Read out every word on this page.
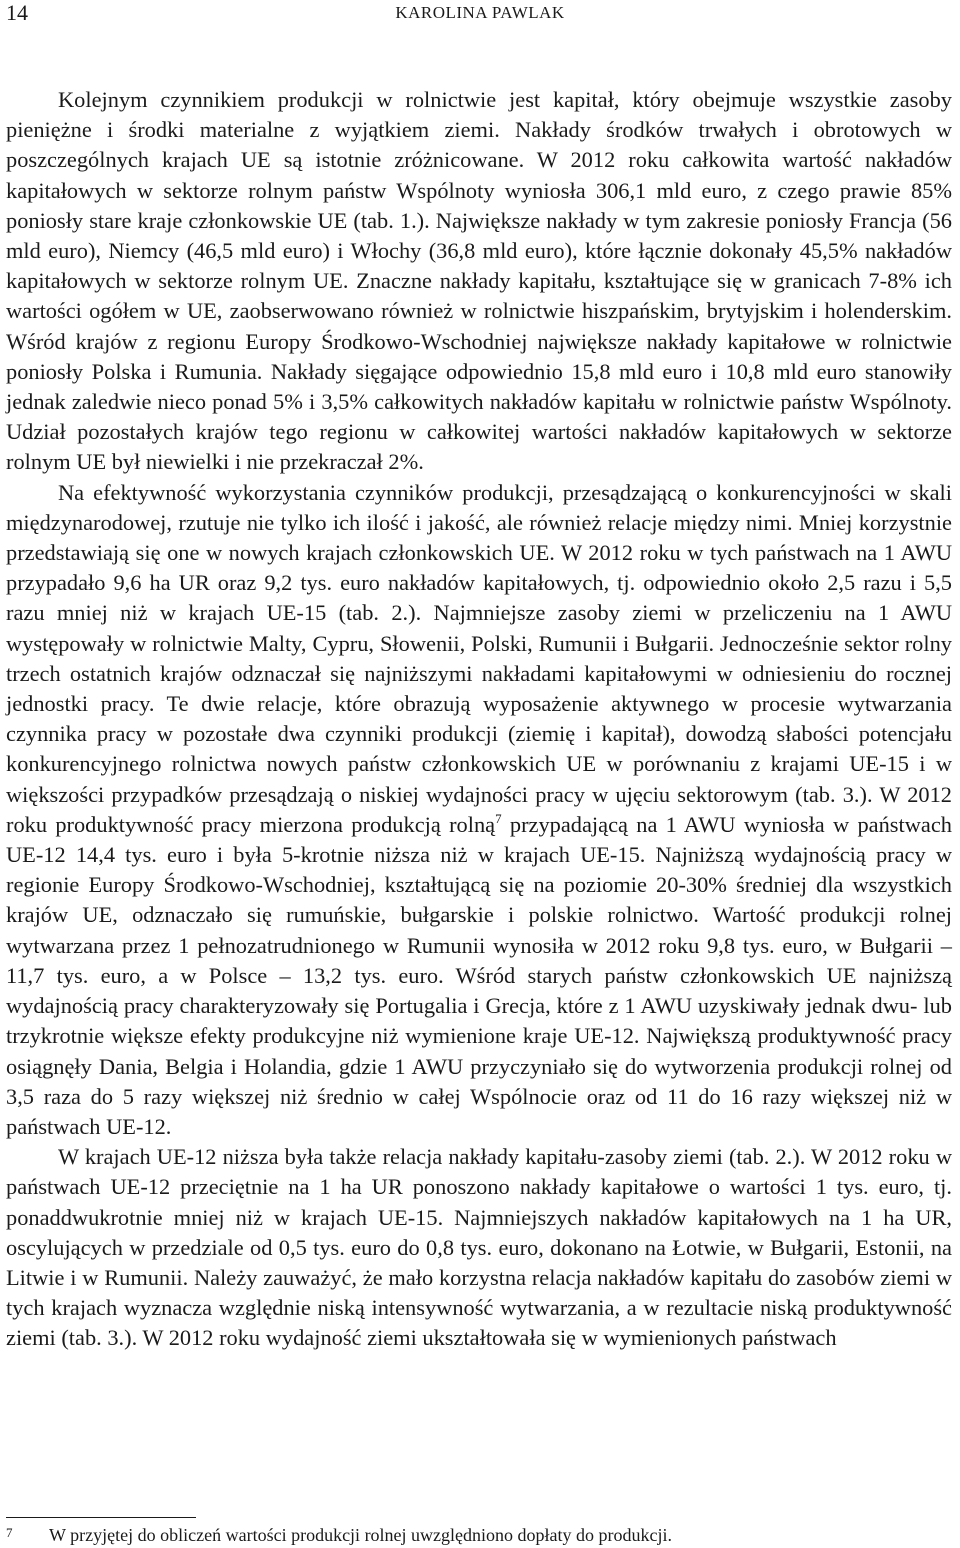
14	KAROLINA PAWLAK

Kolejnym czynnikiem produkcji w rolnictwie jest kapitał, który obejmuje wszystkie zasoby pieniężne i środki materialne z wyjątkiem ziemi. Nakłady środków trwałych i obrotowych w poszczególnych krajach UE są istotnie zróżnicowane. W 2012 roku całkowita wartość nakładów kapitałowych w sektorze rolnym państw Wspólnoty wyniosła 306,1 mld euro, z czego prawie 85% poniosły stare kraje członkowskie UE (tab. 1.). Największe nakłady w tym zakresie poniosły Francja (56 mld euro), Niemcy (46,5 mld euro) i Włochy (36,8 mld euro), które łącznie dokonały 45,5% nakładów kapitałowych w sektorze rolnym UE. Znaczne nakłady kapitału, kształtujące się w granicach 7-8% ich wartości ogółem w UE, zaobserwowano również w rolnictwie hiszpańskim, brytyjskim i holenderskim. Wśród krajów z regionu Europy Środkowo-Wschodniej największe nakłady kapitałowe w rolnictwie poniosły Polska i Rumunia. Nakłady sięgające odpowiednio 15,8 mld euro i 10,8 mld euro stanowiły jednak zaledwie nieco ponad 5% i 3,5% całkowitych nakładów kapitału w rolnictwie państw Wspólnoty. Udział pozostałych krajów tego regionu w całkowitej wartości nakładów kapitałowych w sektorze rolnym UE był niewielki i nie przekraczał 2%.

Na efektywność wykorzystania czynników produkcji, przesądzającą o konkurencyjności w skali międzynarodowej, rzutuje nie tylko ich ilość i jakość, ale również relacje między nimi. Mniej korzystnie przedstawiają się one w nowych krajach członkowskich UE. W 2012 roku w tych państwach na 1 AWU przypadało 9,6 ha UR oraz 9,2 tys. euro nakładów kapitałowych, tj. odpowiednio około 2,5 razu i 5,5 razu mniej niż w krajach UE-15 (tab. 2.). Najmniejsze zasoby ziemi w przeliczeniu na 1 AWU występowały w rolnictwie Malty, Cypru, Słowenii, Polski, Rumunii i Bułgarii. Jednocześnie sektor rolny trzech ostatnich krajów odznaczał się najniższymi nakładami kapitałowymi w odniesieniu do rocznej jednostki pracy. Te dwie relacje, które obrazują wyposażenie aktywnego w procesie wytwarzania czynnika pracy w pozostałe dwa czynniki produkcji (ziemię i kapitał), dowodzą słabości potencjału konkurencyjnego rolnictwa nowych państw członkowskich UE w porównaniu z krajami UE-15 i w większości przypadków przesądzają o niskiej wydajności pracy w ujęciu sektorowym (tab. 3.). W 2012 roku produktywność pracy mierzona produkcją rolną$^7$ przypadającą na 1 AWU wyniosła w państwach UE-12 14,4 tys. euro i była 5-krotnie niższa niż w krajach UE-15. Najniższą wydajnością pracy w regionie Europy Środkowo-Wschodniej, kształtującą się na poziomie 20-30% średniej dla wszystkich krajów UE, odznaczało się rumuńskie, bułgarskie i polskie rolnictwo. Wartość produkcji rolnej wytwarzana przez 1 pełnozatrudnionego w Rumunii wynosiła w 2012 roku 9,8 tys. euro, w Bułgarii – 11,7 tys. euro, a w Polsce – 13,2 tys. euro. Wśród starych państw członkowskich UE najniższą wydajnością pracy charakteryzowały się Portugalia i Grecja, które z 1 AWU uzyskiwały jednak dwu- lub trzykrotnie większe efekty produkcyjne niż wymienione kraje UE-12. Największą produktywność pracy osiągnęły Dania, Belgia i Holandia, gdzie 1 AWU przyczyniało się do wytworzenia produkcji rolnej od 3,5 raza do 5 razy większej niż średnio w całej Wspólnocie oraz od 11 do 16 razy większej niż w państwach UE-12.

W krajach UE-12 niższa była także relacja nakłady kapitału-zasoby ziemi (tab. 2.). W 2012 roku w państwach UE-12 przeciętnie na 1 ha UR ponoszono nakłady kapitałowe o wartości 1 tys. euro, tj. ponaddwukrotnie mniej niż w krajach UE-15. Najmniejszych nakładów kapitałowych na 1 ha UR, oscylujących w przedziale od 0,5 tys. euro do 0,8 tys. euro, dokonano na Łotwie, w Bułgarii, Estonii, na Litwie i w Rumunii. Należy zauważyć, że mało korzystna relacja nakładów kapitału do zasobów ziemi w tych krajach wyznacza względnie niską intensywność wytwarzania, a w rezultacie niską produktywność ziemi (tab. 3.). W 2012 roku wydajność ziemi ukształtowała się w wymienionych państwach

7 W przyjętej do obliczeń wartości produkcji rolnej uwzględniono dopłaty do produkcji.
